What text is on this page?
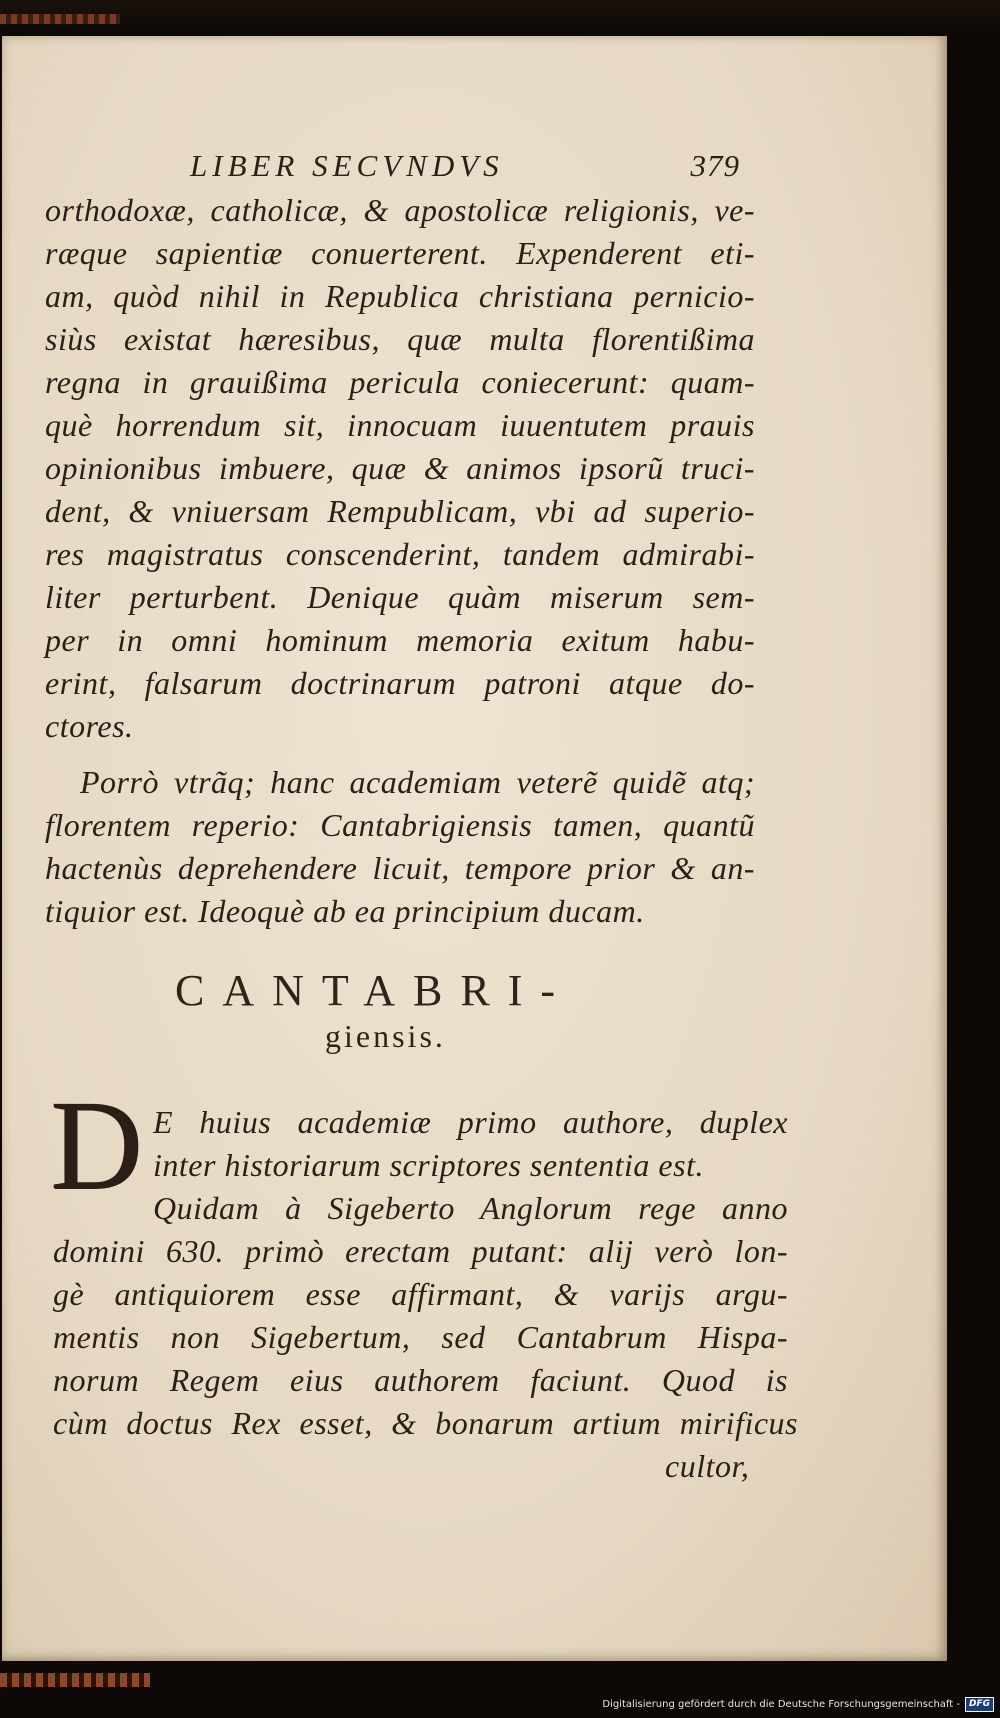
LIBER SECVNDVS	379
orthodoxæ, catholicæ, & apostolicæ religionis, ve-
ræque sapientiæ conuerterent. Expenderent eti-
am, quòd nihil in Republica christiana pernicio-
siùs existat hæresibus, quæ multa florentißima
regna in grauißima pericula coniecerunt: quam-
què horrendum sit, innocuam iuuentutem prauis
opinionibus imbuere, quæ & animos ipsorũ truci-
dent, & vniuersam Rempublicam, vbi ad superio-
res magistratus conscenderint, tandem admirabi-
liter perturbent. Denique quàm miserum sem-
per in omni hominum memoria exitum habu-
erint, falsarum doctrinarum patroni atque do-
ctores.
Porrò vtrãq; hanc academiam veterẽ quidẽ atq;
florentem reperio: Cantabrigiensis tamen, quantũ
hactenùs deprehendere licuit, tempore prior & an-
tiquior est. Ideoquè ab ea principium ducam.
CANTABRI-
giensis.
D E huius academiæ primo authore, duplex
inter historiarum scriptores sententia est.
Quidam à Sigeberto Anglorum rege anno
domini 630. primò erectam putant: alij verò lon-
gè antiquiorem esse affirmant, & varijs argu-
mentis non Sigebertum, sed Cantabrum Hispa-
norum Regem eius authorem faciunt. Quod is
cùm doctus Rex esset, & bonarum artium mirificus
cultor,
Digitalisierung gefördert durch die Deutsche Forschungsgemeinschaft -	DFG
